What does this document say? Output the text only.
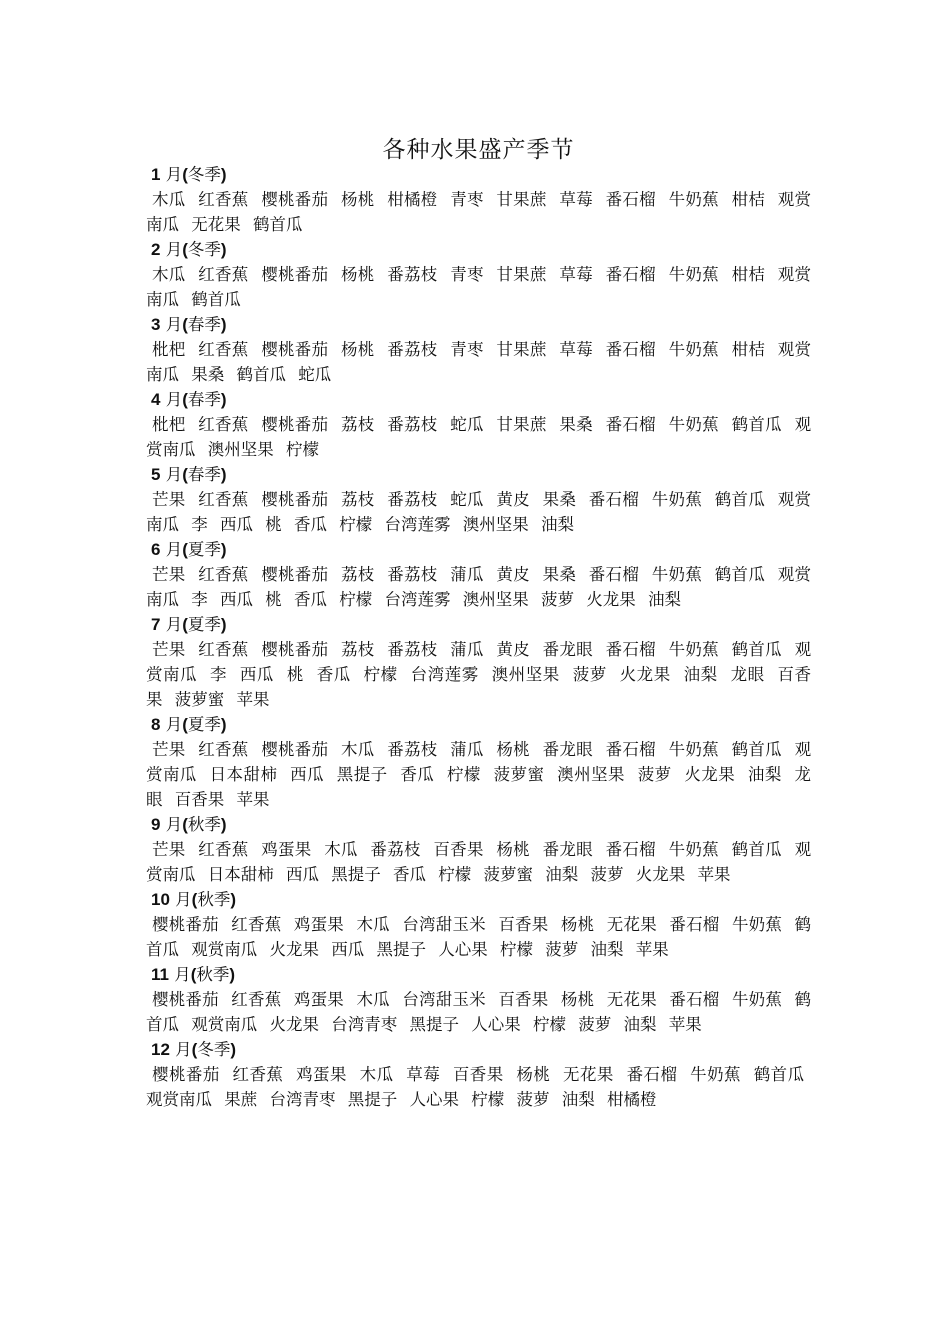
各种水果盛产季节
1 月(冬季)

木瓜 红香蕉 樱桃番茄 杨桃 柑橘橙 青枣 甘果蔗 草莓 番石榴 牛奶蕉 柑桔 观赏南瓜 无花果 鹤首瓜

2 月(冬季)

木瓜 红香蕉 樱桃番茄 杨桃 番荔枝 青枣 甘果蔗 草莓 番石榴 牛奶蕉 柑桔 观赏南瓜 鹤首瓜

3 月(春季)

枇杷 红香蕉 樱桃番茄 杨桃 番荔枝 青枣 甘果蔗 草莓 番石榴 牛奶蕉 柑桔 观赏南瓜 果桑 鹤首瓜 蛇瓜

4 月(春季)

枇杷 红香蕉 樱桃番茄 荔枝 番荔枝 蛇瓜 甘果蔗 果桑 番石榴 牛奶蕉 鹤首瓜 观赏南瓜 澳州坚果 柠檬

5 月(春季)

芒果 红香蕉 樱桃番茄 荔枝 番荔枝 蛇瓜 黄皮 果桑 番石榴 牛奶蕉 鹤首瓜 观赏南瓜 李 西瓜 桃 香瓜 柠檬 台湾莲雾 澳州坚果 油梨

6 月(夏季)

芒果 红香蕉 樱桃番茄 荔枝 番荔枝 蒲瓜 黄皮 果桑 番石榴 牛奶蕉 鹤首瓜 观赏南瓜 李 西瓜 桃 香瓜 柠檬 台湾莲雾 澳州坚果 菠萝 火龙果 油梨

7 月(夏季)

芒果 红香蕉 樱桃番茄 荔枝 番荔枝 蒲瓜 黄皮 番龙眼 番石榴 牛奶蕉 鹤首瓜 观赏南瓜 李 西瓜 桃 香瓜 柠檬 台湾莲雾 澳州坚果 菠萝 火龙果 油梨 龙眼 百香果 菠萝蜜 苹果

8 月(夏季)

芒果 红香蕉 樱桃番茄 木瓜 番荔枝 蒲瓜 杨桃 番龙眼 番石榴 牛奶蕉 鹤首瓜 观赏南瓜 日本甜柿 西瓜 黑提子 香瓜 柠檬 菠萝蜜 澳州坚果 菠萝 火龙果 油梨 龙眼 百香果 苹果

9 月(秋季)

芒果 红香蕉 鸡蛋果 木瓜 番荔枝 百香果 杨桃 番龙眼 番石榴 牛奶蕉 鹤首瓜 观赏南瓜 日本甜柿 西瓜 黑提子 香瓜 柠檬 菠萝蜜 油梨 菠萝 火龙果 苹果

10 月(秋季)

樱桃番茄 红香蕉 鸡蛋果 木瓜 台湾甜玉米 百香果 杨桃 无花果 番石榴 牛奶蕉 鹤首瓜 观赏南瓜 火龙果 西瓜 黑提子 人心果 柠檬 菠萝 油梨 苹果

11 月(秋季)

樱桃番茄 红香蕉 鸡蛋果 木瓜 台湾甜玉米 百香果 杨桃 无花果 番石榴 牛奶蕉 鹤首瓜 观赏南瓜 火龙果 台湾青枣 黑提子 人心果 柠檬 菠萝 油梨 苹果

12 月(冬季)

樱桃番茄 红香蕉 鸡蛋果 木瓜 草莓 百香果 杨桃 无花果 番石榴 牛奶蕉 鹤首瓜 观赏南瓜 果蔗 台湾青枣 黑提子 人心果 柠檬 菠萝 油梨 柑橘橙
